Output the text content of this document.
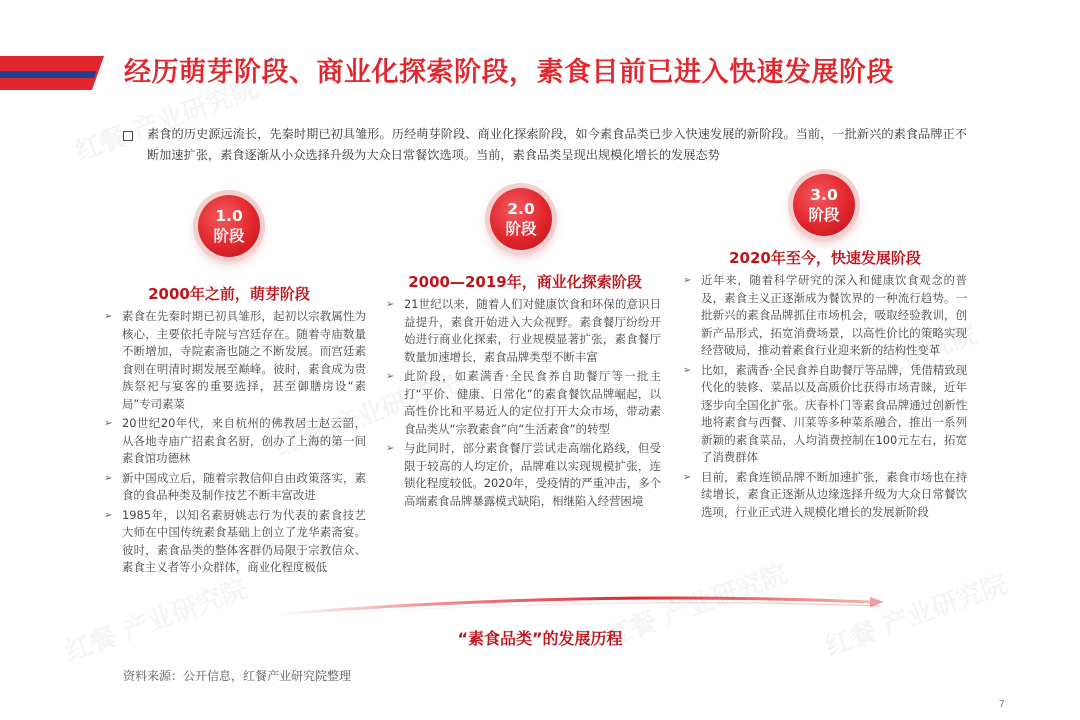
经历萌芽阶段、商业化探索阶段，素食目前已进入快速发展阶段
素食的历史源远流长，先秦时期已初具雏形。历经萌芽阶段、商业化探索阶段，如今素食品类已步入快速发展的新阶段。当前，一批新兴的素食品牌正不断加速扩张，素食逐渐从小众选择升级为大众日常餐饮选项。当前，素食品类呈现出规模化增长的发展态势
1.0
阶段
2000年之前，萌芽阶段
➢ 素食在先秦时期已初具雏形，起初以宗教属性为核心，主要依托寺院与宫廷存在。随着寺庙数量不断增加，寺院素斋也随之不断发展。而宫廷素食则在明清时期发展至巅峰。彼时，素食成为贵族祭祀与宴客的重要选择，甚至御膳房设“素局”专司素菜
➢ 20世纪20年代，来自杭州的佛教居士赵云韶，从各地寺庙广招素食名厨，创办了上海的第一间素食馆功德林
➢ 新中国成立后，随着宗教信仰自由政策落实，素食的食品种类及制作技艺不断丰富改进
➢ 1985年，以知名素厨姚志行为代表的素食技艺大师在中国传统素食基础上创立了龙华素斋宴。彼时，素食品类的整体客群仍局限于宗教信众、素食主义者等小众群体，商业化程度极低
2.0
阶段
2000—2019年，商业化探索阶段
➢ 21世纪以来，随着人们对健康饮食和环保的意识日益提升，素食开始进入大众视野。素食餐厅纷纷开始进行商业化探索，行业规模显著扩张，素食餐厅数量加速增长，素食品牌类型不断丰富
➢ 此阶段，如素满香·全民食养自助餐厅等一批主打“平价、健康、日常化”的素食餐饮品牌崛起，以高性价比和平易近人的定位打开大众市场，带动素食品类从“宗教素食”向“生活素食”的转型
➢ 与此同时，部分素食餐厅尝试走高端化路线，但受限于较高的人均定价，品牌难以实现规模扩张，连锁化程度较低。2020年，受疫情的严重冲击，多个高端素食品牌暴露模式缺陷，相继陷入经营困境
3.0
阶段
2020年至今，快速发展阶段
➢ 近年来，随着科学研究的深入和健康饮食观念的普及，素食主义正逐渐成为餐饮界的一种流行趋势。一批新兴的素食品牌抓住市场机会，吸取经验教训，创新产品形式，拓宽消费场景，以高性价比的策略实现经营破局，推动着素食行业迎来新的结构性变革
➢ 比如，素满香·全民食养自助餐厅等品牌，凭借精致现代化的装修、菜品以及高质价比获得市场青睐，近年逐步向全国化扩张。庆春朴门等素食品牌通过创新性地将素食与西餐、川菜等多种菜系融合，推出一系列新颖的素食菜品，人均消费控制在100元左右，拓宽了消费群体
➢ 目前，素食连锁品牌不断加速扩张，素食市场也在持续增长，素食正逐渐从边缘选择升级为大众日常餐饮选项，行业正式进入规模化增长的发展新阶段
“素食品类”的发展历程
资料来源：公开信息，红餐产业研究院整理
7
